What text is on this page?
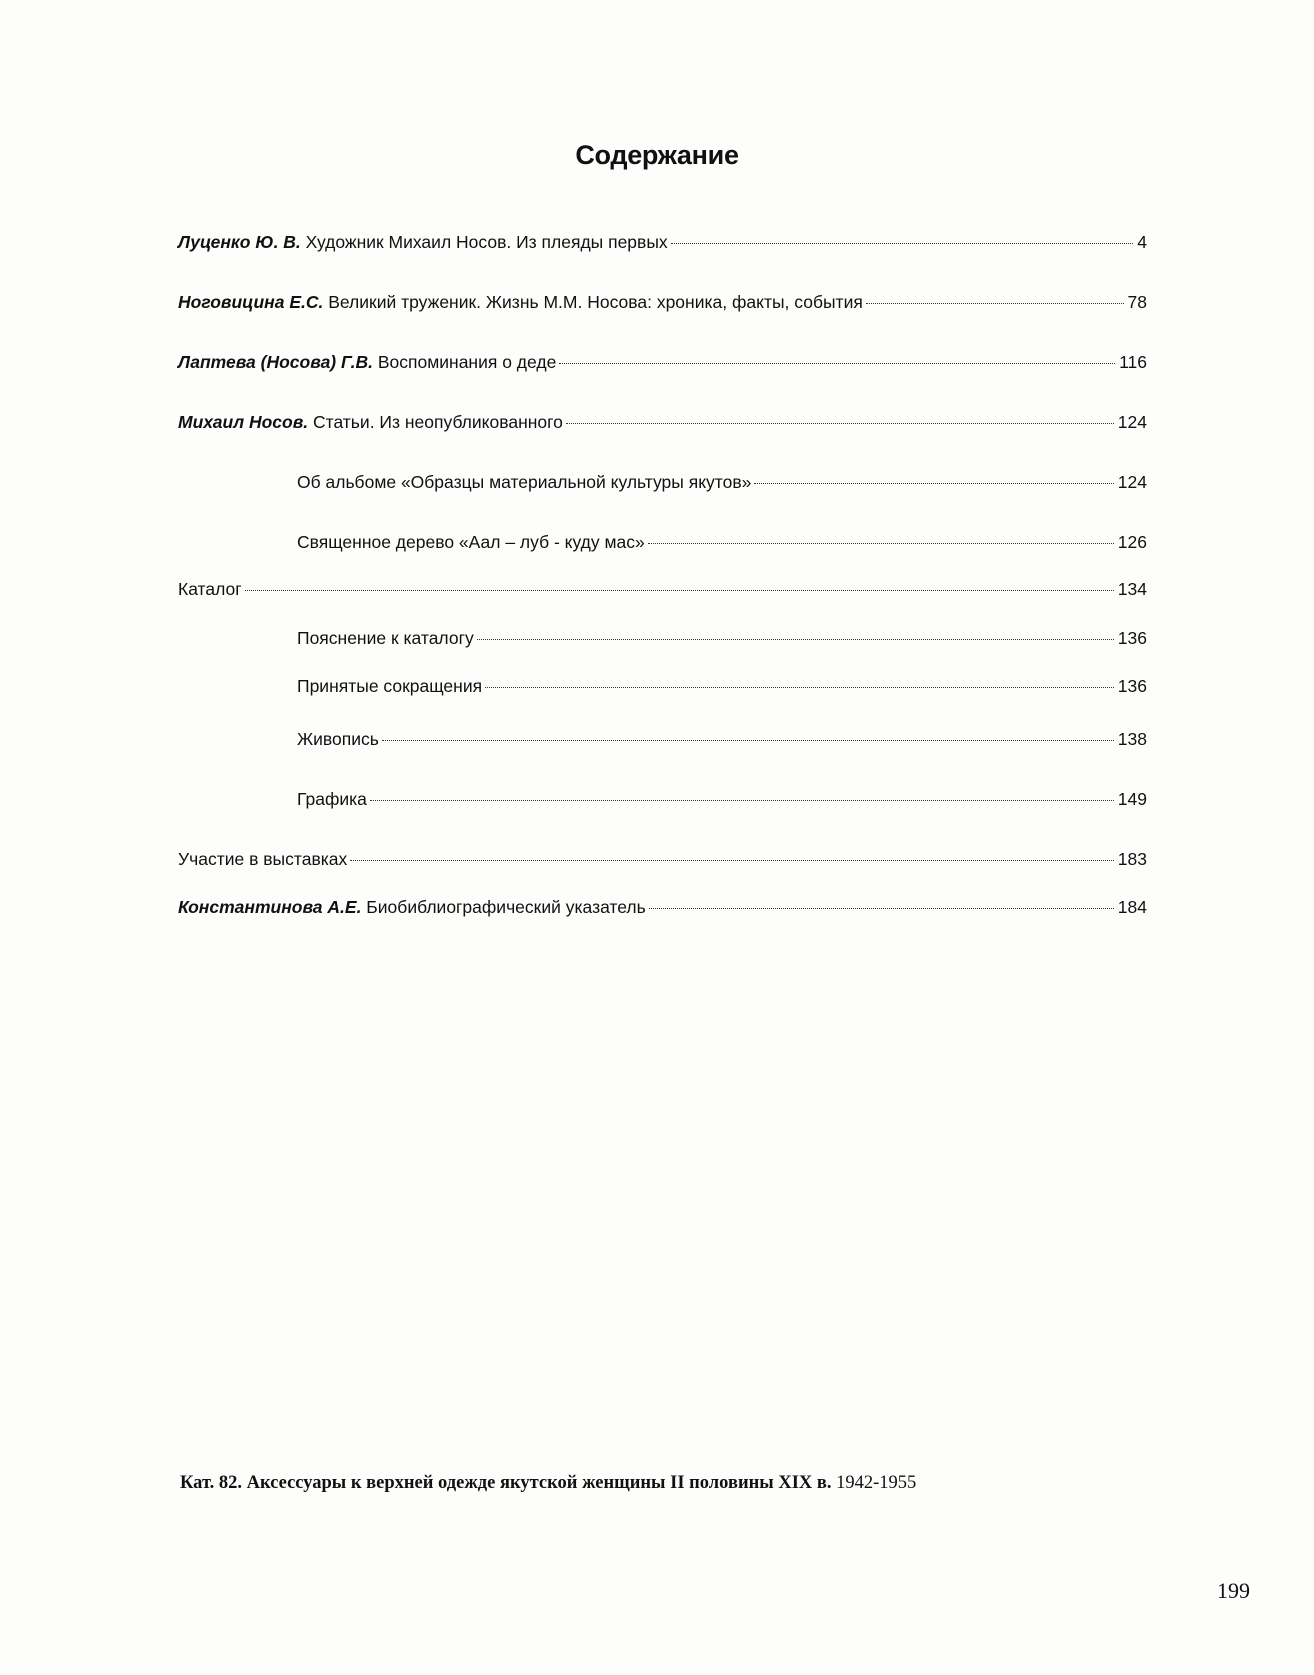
Содержание
Луценко Ю. В. Художник Михаил Носов. Из плеяды первых	4
Ноговицина Е.С. Великий труженик. Жизнь М.М. Носова: хроника, факты, события	78
Лаптева (Носова) Г.В. Воспоминания о деде	116
Михаил Носов. Статьи. Из неопубликованного	124
Об альбоме «Образцы материальной культуры якутов»	124
Священное дерево «Аал – луб - куду мас»	126
Каталог	134
Пояснение к каталогу	136
Принятые сокращения	136
Живопись	138
Графика	149
Участие в выставках	183
Константинова А.Е. Биобиблиографический указатель	184
Кат. 82. Аксессуары к верхней одежде якутской женщины II половины XIX в. 1942-1955
199
